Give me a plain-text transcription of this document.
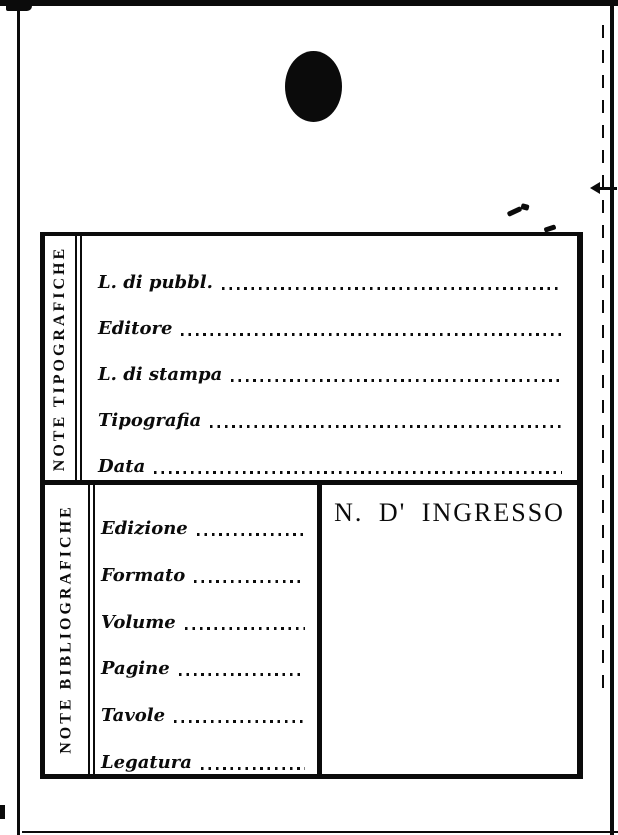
NOTE TIPOGRAFICHE	L. di pubbl.
Editore
L. di stampa
Tipografia
Data
NOTE BIBLIOGRAFICHE	Edizione
Formato
Volume
Pagine
Tavole
Legatura
N. D' INGRESSO
